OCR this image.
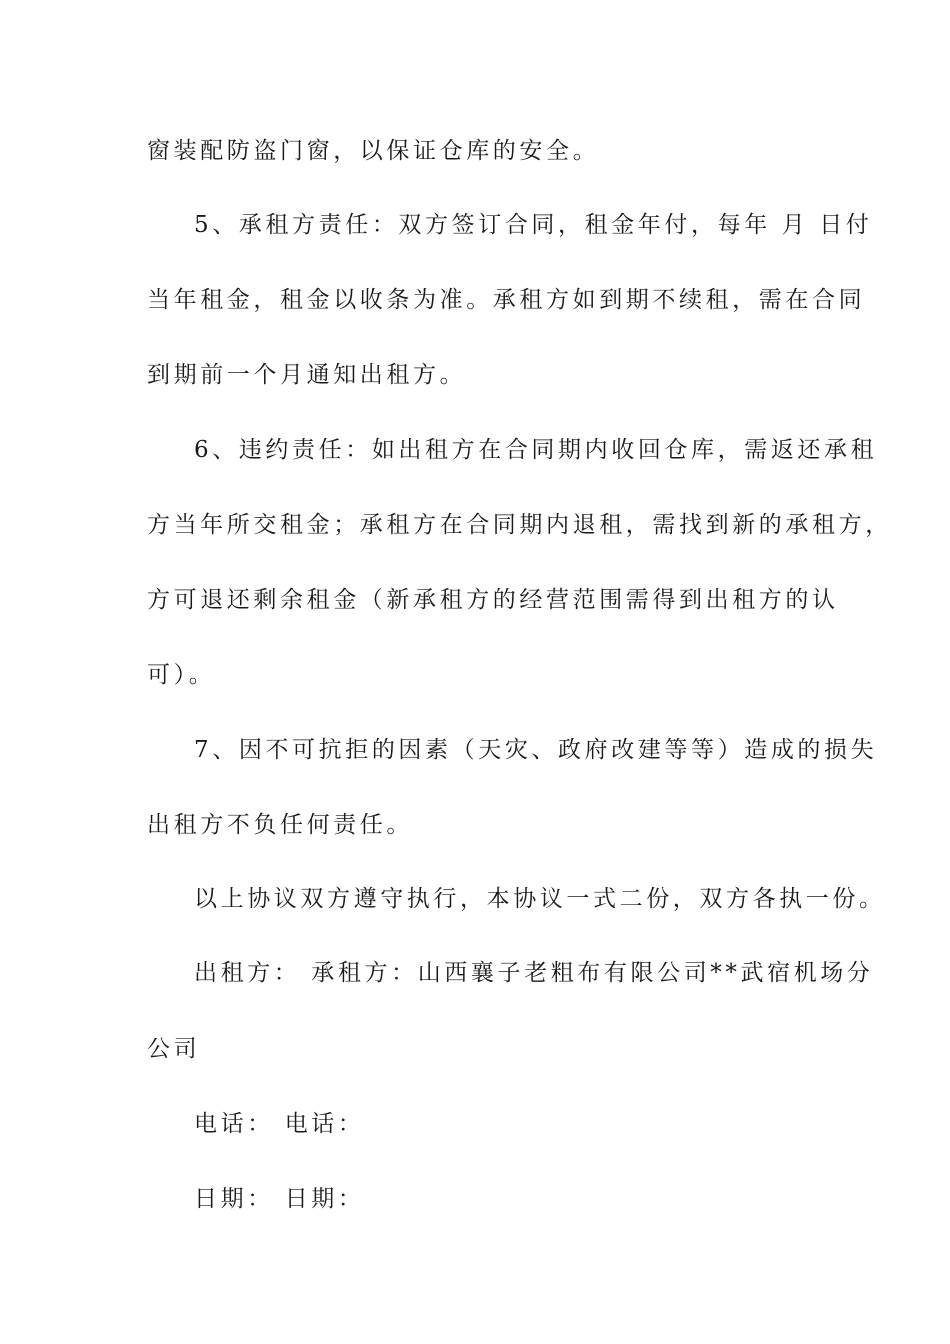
窗装配防盗门窗，以保证仓库的安全。
5、承租方责任：双方签订合同，租金年付，每年 月 日付
当年租金，租金以收条为准。承租方如到期不续租，需在合同
到期前一个月通知出租方。
6、违约责任：如出租方在合同期内收回仓库，需返还承租
方当年所交租金；承租方在合同期内退租，需找到新的承租方，
方可退还剩余租金（新承租方的经营范围需得到出租方的认
可）。
7、因不可抗拒的因素（天灾、政府改建等等）造成的损失
出租方不负任何责任。
以上协议双方遵守执行，本协议一式二份，双方各执一份。
出租方： 承租方：山西襄子老粗布有限公司**武宿机场分
公司
电话： 电话：
日期： 日期：
